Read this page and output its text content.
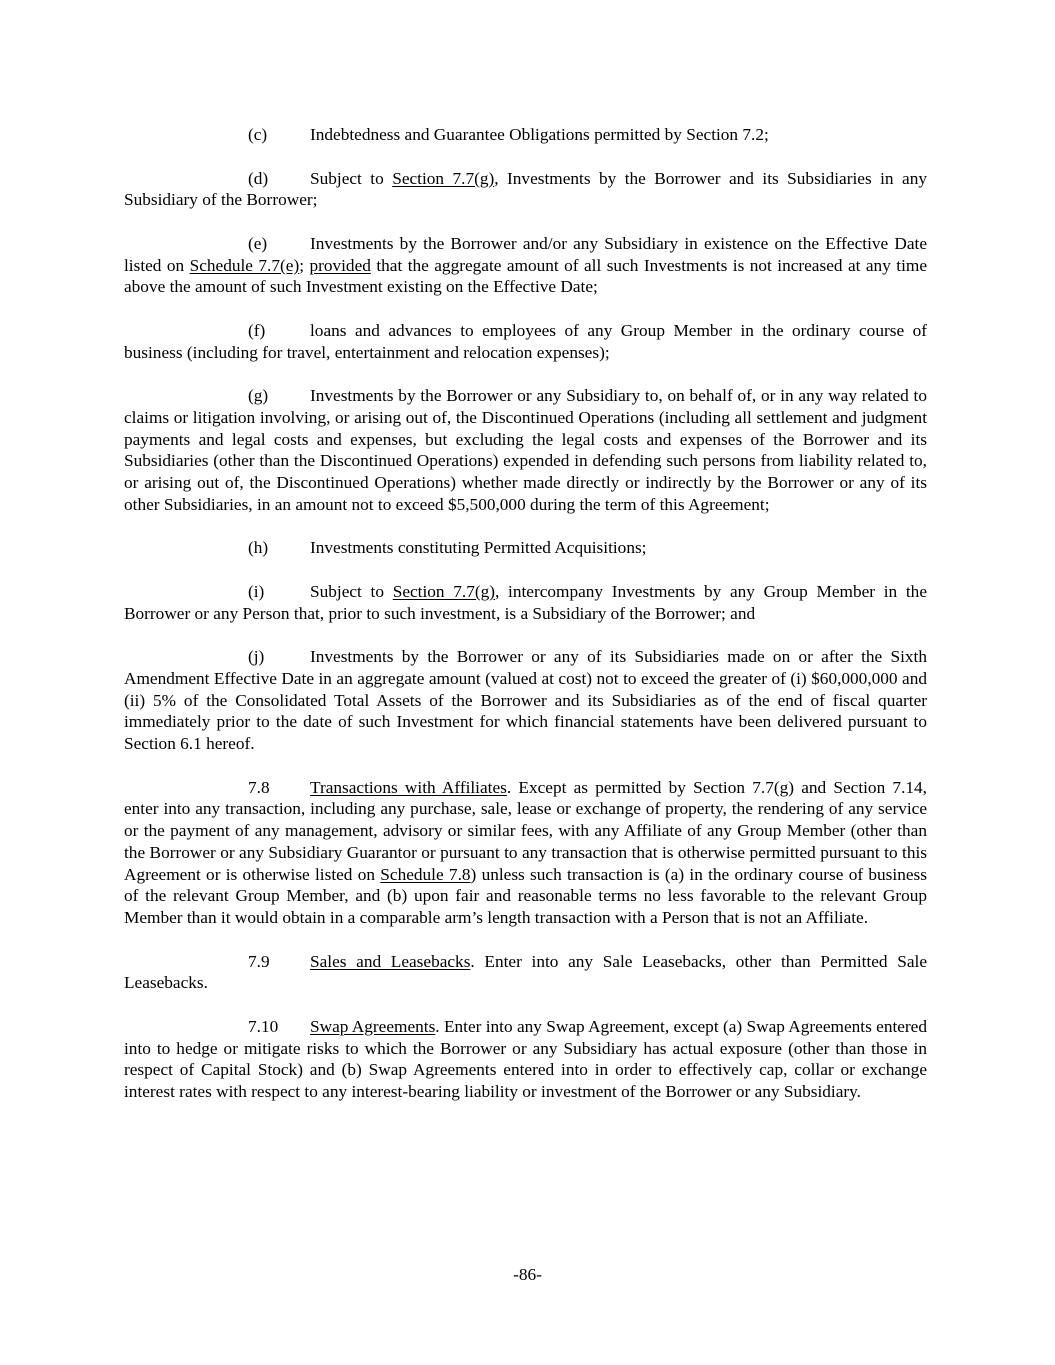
(c) Indebtedness and Guarantee Obligations permitted by Section 7.2;

(d) Subject to Section 7.7(g), Investments by the Borrower and its Subsidiaries in any Subsidiary of the Borrower;

(e) Investments by the Borrower and/or any Subsidiary in existence on the Effective Date listed on Schedule 7.7(e); provided that the aggregate amount of all such Investments is not increased at any time above the amount of such Investment existing on the Effective Date;

(f)	loans and advances to employees of any Group Member in the ordinary course of business (including for travel, entertainment and relocation expenses);

(g) Investments by the Borrower or any Subsidiary to, on behalf of, or in any way related to claims or litigation involving, or arising out of, the Discontinued Operations (including all settlement and judgment payments and legal costs and expenses, but excluding the legal costs and expenses of the Borrower and its Subsidiaries (other than the Discontinued Operations) expended in defending such persons from liability related to, or arising out of, the Discontinued Operations) whether made directly or indirectly by the Borrower or any of its other Subsidiaries, in an amount not to exceed $5,500,000 during the term of this Agreement;

(h) Investments constituting Permitted Acquisitions;

(i)	Subject to Section 7.7(g), intercompany Investments by any Group Member in the Borrower or any Person that, prior to such investment, is a Subsidiary of the Borrower; and

(j)	Investments by the Borrower or any of its Subsidiaries made on or after the Sixth Amendment Effective Date in an aggregate amount (valued at cost) not to exceed the greater of (i) $60,000,000 and (ii) 5% of the Consolidated Total Assets of the Borrower and its Subsidiaries as of the end of fiscal quarter immediately prior to the date of such Investment for which financial statements have been delivered pursuant to Section 6.1 hereof.

7.8 Transactions with Affiliates. Except as permitted by Section 7.7(g) and Section 7.14, enter into any transaction, including any purchase, sale, lease or exchange of property, the rendering of any service or the payment of any management, advisory or similar fees, with any Affiliate of any Group Member (other than the Borrower or any Subsidiary Guarantor or pursuant to any transaction that is otherwise permitted pursuant to this Agreement or is otherwise listed on Schedule 7.8) unless such transaction is (a) in the ordinary course of business of the relevant Group Member, and (b) upon fair and reasonable terms no less favorable to the relevant Group Member than it would obtain in a comparable arm’s length transaction with a Person that is not an Affiliate.

7.9 Sales and Leasebacks. Enter into any Sale Leasebacks, other than Permitted Sale Leasebacks.

7.10 Swap Agreements. Enter into any Swap Agreement, except (a) Swap Agreements entered into to hedge or mitigate risks to which the Borrower or any Subsidiary has actual exposure (other than those in respect of Capital Stock) and (b) Swap Agreements entered into in order to effectively cap, collar or exchange interest rates with respect to any interest-bearing liability or investment of the Borrower or any Subsidiary.

-86-
